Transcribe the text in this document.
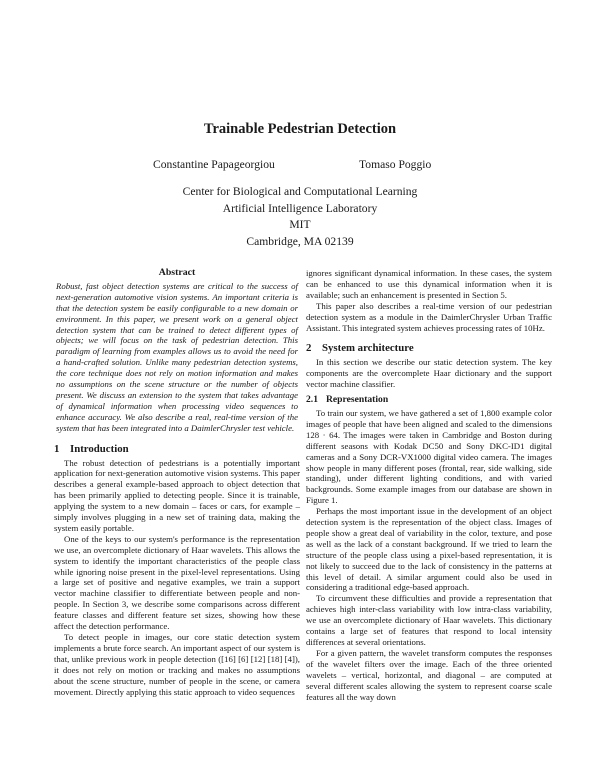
Trainable Pedestrian Detection

Constantine Papageorgiou	Tomaso Poggio

Center for Biological and Computational Learning
Artificial Intelligence Laboratory
MIT
Cambridge, MA 02139
Abstract

Robust, fast object detection systems are critical to the success of next-generation automotive vision systems. An important criteria is that the detection system be easily configurable to a new domain or environment. In this paper, we present work on a general object detection system that can be trained to detect different types of objects; we will focus on the task of pedestrian detection. This paradigm of learning from examples allows us to avoid the need for a hand-crafted solution. Unlike many pedestrian detection systems, the core technique does not rely on motion information and makes no assumptions on the scene structure or the number of objects present. We discuss an extension to the system that takes advantage of dynamical information when processing video sequences to enhance accuracy. We also describe a real, real-time version of the system that has been integrated into a DaimlerChrysler test vehicle.

1 Introduction

The robust detection of pedestrians is a potentially important application for next-generation automotive vision systems. This paper describes a general example-based approach to object detection that has been primarily applied to detecting people. Since it is trainable, applying the system to a new domain – faces or cars, for example – simply involves plugging in a new set of training data, making the system easily portable.

One of the keys to our system's performance is the representation we use, an overcomplete dictionary of Haar wavelets. This allows the system to identify the important characteristics of the people class while ignoring noise present in the pixel-level representations. Using a large set of positive and negative examples, we train a support vector machine classifier to differentiate between people and non-people. In Section 3, we describe some comparisons across different feature classes and different feature set sizes, showing how these affect the detection performance.

To detect people in images, our core static detection system implements a brute force search. An important aspect of our system is that, unlike previous work in people detection ([16] [6] [12] [18] [4]), it does not rely on motion or tracking and makes no assumptions about the scene structure, number of people in the scene, or camera movement. Directly applying this static approach to video sequences

ignores significant dynamical information. In these cases, the system can be enhanced to use this dynamical information when it is available; such an enhancement is presented in Section 5.

This paper also describes a real-time version of our pedestrian detection system as a module in the DaimlerChrysler Urban Traffic Assistant. This integrated system achieves processing rates of 10Hz.

2 System architecture

In this section we describe our static detection system. The key components are the overcomplete Haar dictionary and the support vector machine classifier.

2.1 Representation

To train our system, we have gathered a set of 1,800 example color images of people that have been aligned and scaled to the dimensions 128 · 64. The images were taken in Cambridge and Boston during different seasons with Kodak DC50 and Sony DKC-ID1 digital cameras and a Sony DCR-VX1000 digital video camera. The images show people in many different poses (frontal, rear, side walking, side standing), under different lighting conditions, and with varied backgrounds. Some example images from our database are shown in Figure 1.

Perhaps the most important issue in the development of an object detection system is the representation of the object class. Images of people show a great deal of variability in the color, texture, and pose as well as the lack of a constant background. If we tried to learn the structure of the people class using a pixel-based representation, it is not likely to succeed due to the lack of consistency in the patterns at this level of detail. A similar argument could also be used in considering a traditional edge-based approach.

To circumvent these difficulties and provide a representation that achieves high inter-class variability with low intra-class variability, we use an overcomplete dictionary of Haar wavelets. This dictionary contains a large set of features that respond to local intensity differences at several orientations.

For a given pattern, the wavelet transform computes the responses of the wavelet filters over the image. Each of the three oriented wavelets – vertical, horizontal, and diagonal – are computed at several different scales allowing the system to represent coarse scale features all the way down
